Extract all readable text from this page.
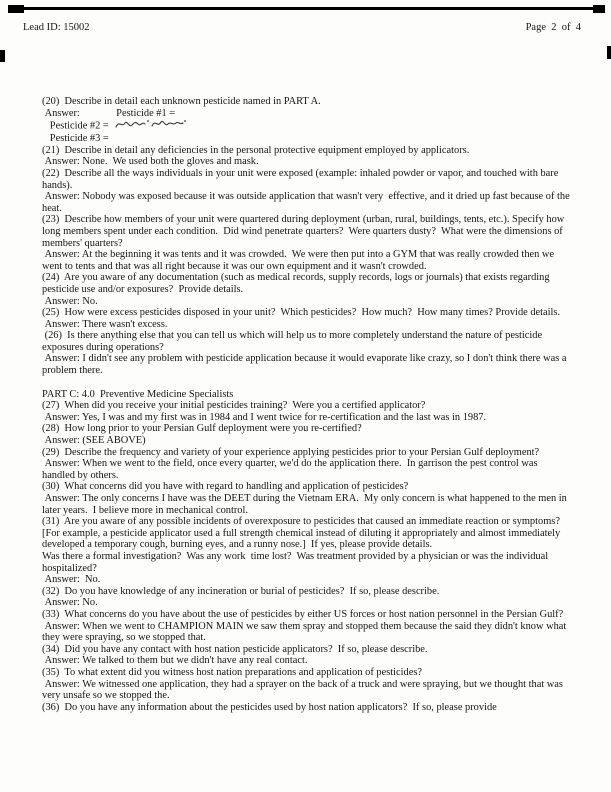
Lead ID: 15002	Page  2  of  4

(20)  Describe in detail each unknown pesticide named in PART A.

Answer:              Pesticide #1 =

Pesticide #2 =

Pesticide #3 =

(21)  Describe in detail any deficiencies in the personal protective equipment employed by applicators.

Answer: None.  We used both the gloves and mask.

(22)  Describe all the ways individuals in your unit were exposed (example: inhaled powder or vapor, and touched with bare hands).

Answer: Nobody was exposed because it was outside application that wasn't very  effective, and it dried up fast because of the heat.

(23)  Describe how members of your unit were quartered during deployment (urban, rural, buildings, tents, etc.). Specify how long members spent under each condition.  Did wind penetrate quarters?  Were quarters dusty?  What were the dimensions of members' quarters?

Answer: At the beginning it was tents and it was crowded.  We were then put into a GYM that was really crowded then we went to tents and that was all right because it was our own equipment and it wasn't crowded.

(24)  Are you aware of any documentation (such as medical records, supply records, logs or journals) that exists regarding pesticide use and/or exposures?  Provide details.

Answer: No.

(25)  How were excess pesticides disposed in your unit?  Which pesticides?  How much?  How many times? Provide details.

Answer: There wasn't excess.

(26)  Is there anything else that you can tell us which will help us to more completely understand the nature of pesticide exposures during operations?

Answer: I didn't see any problem with pesticide application because it would evaporate like crazy, so I don't think there was a problem there.

PART C: 4.0  Preventive Medicine Specialists

(27)  When did you receive your initial pesticides training?  Were you a certified applicator?

Answer: Yes, I was and my first was in 1984 and I went twice for re-certification and the last was in 1987.

(28)  How long prior to your Persian Gulf deployment were you re-certified?

Answer: (SEE ABOVE)

(29)  Describe the frequency and variety of your experience applying pesticides prior to your Persian Gulf deployment?

Answer: When we went to the field, once every quarter, we'd do the application there.  In garrison the pest control was handled by others.

(30)  What concerns did you have with regard to handling and application of pesticides?

Answer: The only concerns I have was the DEET during the Vietnam ERA.  My only concern is what happened to the men in later years.  I believe more in mechanical control.

(31)  Are you aware of any possible incidents of overexposure to pesticides that caused an immediate reaction or symptoms?  [For example, a pesticide applicator used a full strength chemical instead of diluting it appropriately and almost immediately developed a temporary cough, burning eyes, and a runny nose.]  If yes, please provide details.

Was there a formal investigation?  Was any work  time lost?  Was treatment provided by a physician or was the individual hospitalized?

Answer:  No.

(32)  Do you have knowledge of any incineration or burial of pesticides?  If so, please describe.

Answer: No.

(33)  What concerns do you have about the use of pesticides by either US forces or host nation personnel in the Persian Gulf?

Answer: When we went to CHAMPION MAIN we saw them spray and stopped them because the said they didn't know what they were spraying, so we stopped that.

(34)  Did you have any contact with host nation pesticide applicators?  If so, please describe.

Answer: We talked to them but we didn't have any real contact.

(35)  To what extent did you witness host nation preparations and application of pesticides?

Answer: We witnessed one application, they had a sprayer on the back of a truck and were spraying, but we thought that was very unsafe so we stopped the.

(36)  Do you have any information about the pesticides used by host nation applicators?  If so, please provide
